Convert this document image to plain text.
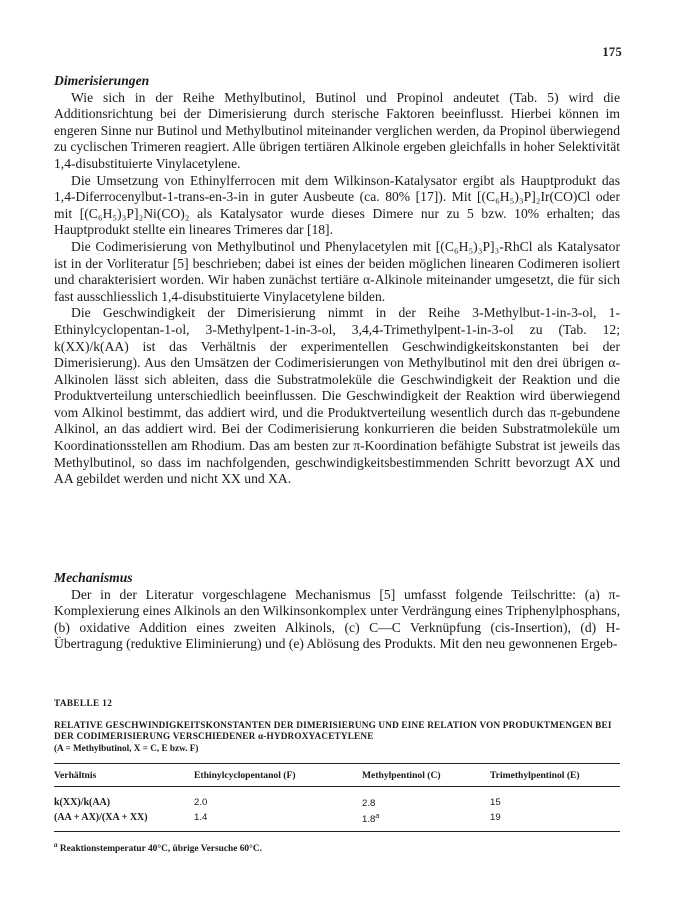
175
Dimerisierungen

Wie sich in der Reihe Methylbutinol, Butinol und Propinol andeutet (Tab. 5) wird die Additionsrichtung bei der Dimerisierung durch sterische Faktoren beeinflusst. Hierbei können im engeren Sinne nur Butinol und Methylbutinol miteinander verglichen werden, da Propinol überwiegend zu cyclischen Trimeren reagiert. Alle übrigen tertiären Alkinole ergeben gleichfalls in hoher Selektivität 1,4-disubstituierte Vinylacetylene.

Die Umsetzung von Ethinylferrocen mit dem Wilkinson-Katalysator ergibt als Hauptprodukt das 1,4-Diferrocenylbut-1-trans-en-3-in in guter Ausbeute (ca. 80% [17]). Mit [(C₆H₅)₃P]₂Ir(CO)Cl oder mit [(C₆H₅)₃P]₂Ni(CO)₂ als Katalysator wurde dieses Dimere nur zu 5 bzw. 10% erhalten; das Hauptprodukt stellte ein lineares Trimeres dar [18].

Die Codimerisierung von Methylbutinol und Phenylacetylen mit [(C₆H₅)₃P]₃-RhCl als Katalysator ist in der Vorliteratur [5] beschrieben; dabei ist eines der beiden möglichen linearen Codimeren isoliert und charakterisiert worden. Wir haben zunächst tertiäre α-Alkinole miteinander umgesetzt, die für sich fast ausschliesslich 1,4-disubstituierte Vinylacetylene bilden.

Die Geschwindigkeit der Dimerisierung nimmt in der Reihe 3-Methylbut-1-in-3-ol, 1-Ethinylcyclopentan-1-ol, 3-Methylpent-1-in-3-ol, 3,4,4-Trimethylpent-1-in-3-ol zu (Tab. 12; k(XX)/k(AA) ist das Verhältnis der experimentellen Geschwindigkeitskonstanten bei der Dimerisierung). Aus den Umsätzen der Codimerisierungen von Methylbutinol mit den drei übrigen α-Alkinolen lässt sich ableiten, dass die Substratmoleküle die Geschwindigkeit der Reaktion und die Produktverteilung unterschiedlich beeinflussen. Die Geschwindigkeit der Reaktion wird überwiegend vom Alkinol bestimmt, das addiert wird, und die Produktverteilung wesentlich durch das π-gebundene Alkinol, an das addiert wird. Bei der Codimerisierung konkurrieren die beiden Substratmoleküle um Koordinationsstellen am Rhodium. Das am besten zur π-Koordination befähigte Substrat ist jeweils das Methylbutinol, so dass im nachfolgenden, geschwindigkeitsbestimmenden Schritt bevorzugt AX und AA gebildet werden und nicht XX und XA.

Mechanismus

Der in der Literatur vorgeschlagene Mechanismus [5] umfasst folgende Teilschritte: (a) π-Komplexierung eines Alkinols an den Wilkinsonkomplex unter Verdrängung eines Triphenylphosphans, (b) oxidative Addition eines zweiten Alkinols, (c) C—C Verknüpfung (cis-Insertion), (d) H-Übertragung (reduktive Eliminierung) und (e) Ablösung des Produkts. Mit den neu gewonnenen Ergeb-

TABELLE 12
RELATIVE GESCHWINDIGKEITSKONSTANTEN DER DIMERISIERUNG UND EINE RELATION VON PRODUKTMENGEN BEI DER CODIMERISIERUNG VERSCHIEDENER α-HYDROXYACETYLENE
(A = Methylbutinol, X = C, E bzw. F)
Verhältnis	Ethinylcyclopentanol (F)	Methylpentinol (C)	Trimethylpentinol (E)
k(XX)/k(AA)	2.0	2.8	15
(AA + AX)/(XA + XX)	1.4	1.8$^a$	19
$^a$ Reaktionstemperatur 40°C, übrige Versuche 60°C.
